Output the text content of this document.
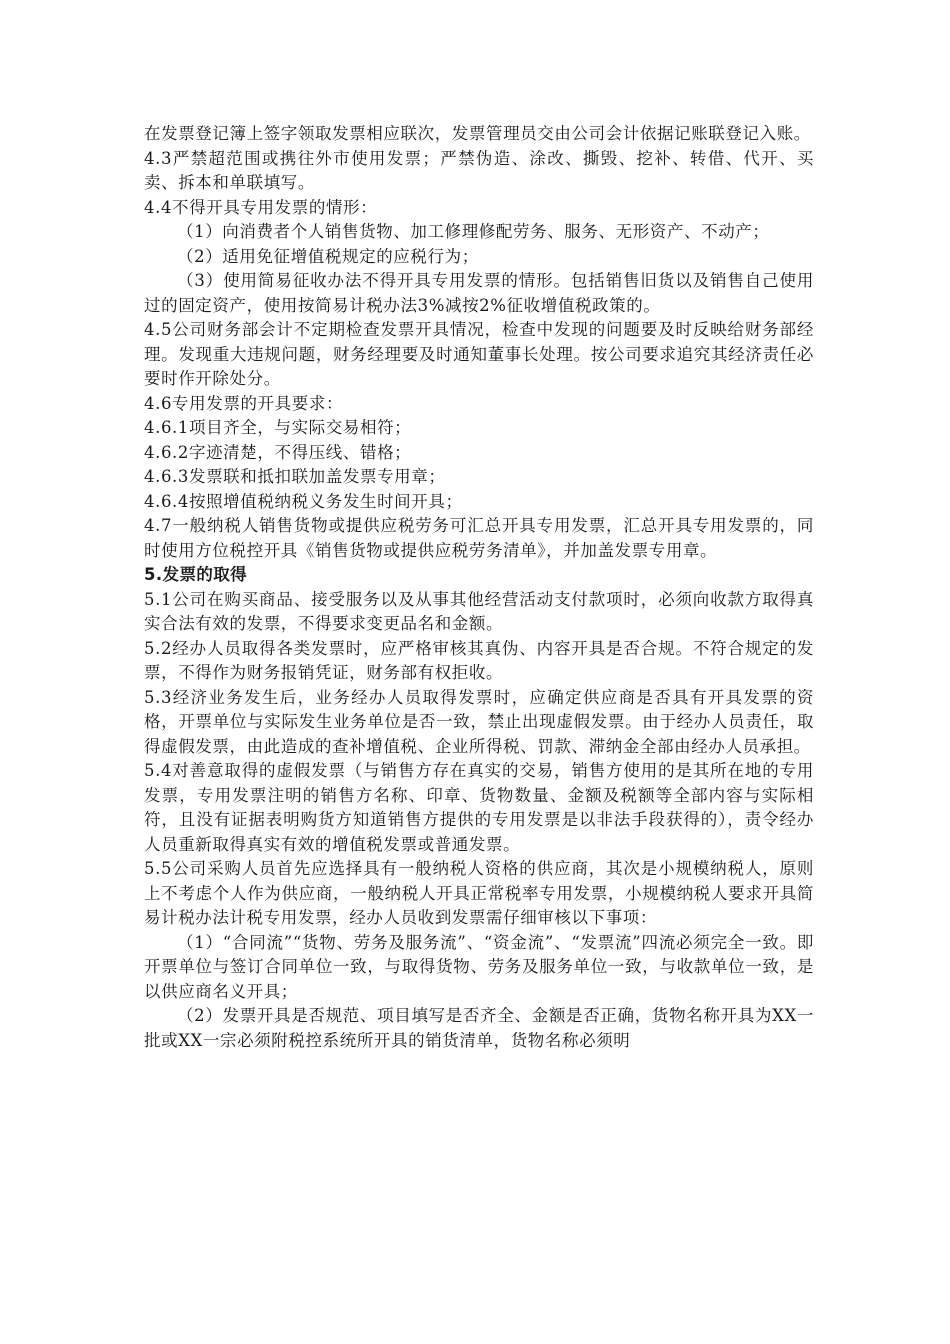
在发票登记簿上签字领取发票相应联次，发票管理员交由公司会计依据记账联登记入账。

4.3严禁超范围或携往外市使用发票；严禁伪造、涂改、撕毁、挖补、转借、代开、买卖、拆本和单联填写。

4.4不得开具专用发票的情形：

（1）向消费者个人销售货物、加工修理修配劳务、服务、无形资产、不动产；

（2）适用免征增值税规定的应税行为；

（3）使用简易征收办法不得开具专用发票的情形。包括销售旧货以及销售自己使用过的固定资产，使用按简易计税办法3%减按2%征收增值税政策的。

4.5公司财务部会计不定期检查发票开具情况，检查中发现的问题要及时反映给财务部经理。发现重大违规问题，财务经理要及时通知董事长处理。按公司要求追究其经济责任必要时作开除处分。

4.6专用发票的开具要求：

4.6.1项目齐全，与实际交易相符；

4.6.2字迹清楚，不得压线、错格；

4.6.3发票联和抵扣联加盖发票专用章；

4.6.4按照增值税纳税义务发生时间开具；

4.7一般纳税人销售货物或提供应税劳务可汇总开具专用发票，汇总开具专用发票的，同时使用方位税控开具《销售货物或提供应税劳务清单》，并加盖发票专用章。

5.发票的取得

5.1公司在购买商品、接受服务以及从事其他经营活动支付款项时，必须向收款方取得真实合法有效的发票，不得要求变更品名和金额。

5.2经办人员取得各类发票时，应严格审核其真伪、内容开具是否合规。不符合规定的发票，不得作为财务报销凭证，财务部有权拒收。

5.3经济业务发生后，业务经办人员取得发票时，应确定供应商是否具有开具发票的资格，开票单位与实际发生业务单位是否一致，禁止出现虚假发票。由于经办人员责任，取得虚假发票，由此造成的查补增值税、企业所得税、罚款、滞纳金全部由经办人员承担。

5.4对善意取得的虚假发票（与销售方存在真实的交易，销售方使用的是其所在地的专用发票，专用发票注明的销售方名称、印章、货物数量、金额及税额等全部内容与实际相符，且没有证据表明购货方知道销售方提供的专用发票是以非法手段获得的），责令经办人员重新取得真实有效的增值税发票或普通发票。

5.5公司采购人员首先应选择具有一般纳税人资格的供应商，其次是小规模纳税人，原则上不考虑个人作为供应商，一般纳税人开具正常税率专用发票，小规模纳税人要求开具简易计税办法计税专用发票，经办人员收到发票需仔细审核以下事项：

（1）“合同流”“货物、劳务及服务流”、“资金流”、“发票流”四流必须完全一致。即开票单位与签订合同单位一致，与取得货物、劳务及服务单位一致，与收款单位一致，是以供应商名义开具；

（2）发票开具是否规范、项目填写是否齐全、金额是否正确，货物名称开具为XX一批或XX一宗必须附税控系统所开具的销货清单，货物名称必须明
